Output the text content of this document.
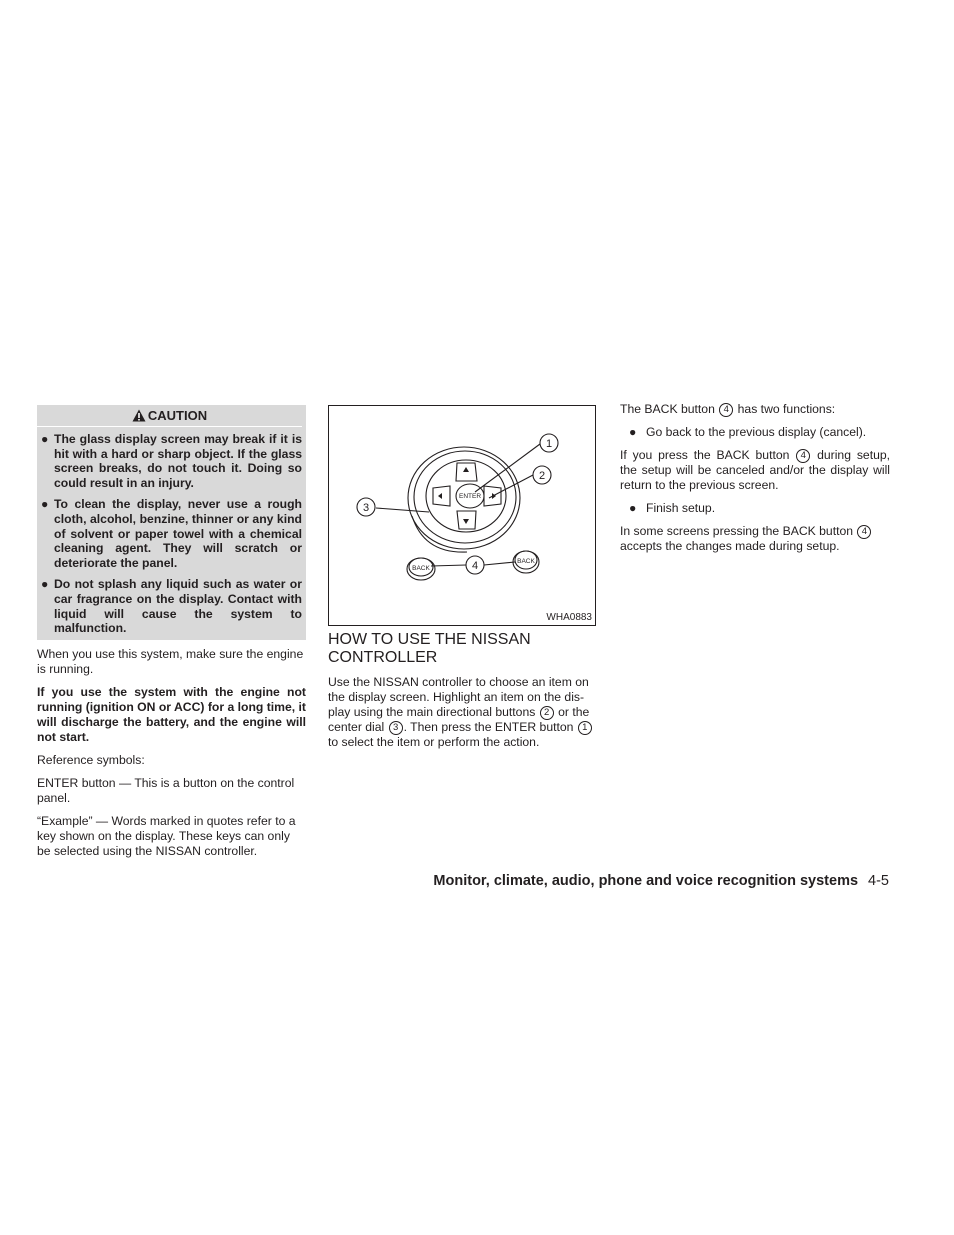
CAUTION
● The glass display screen may break if it is hit with a hard or sharp object. If the glass screen breaks, do not touch it. Doing so could result in an injury.
● To clean the display, never use a rough cloth, alcohol, benzine, thinner or any kind of solvent or paper towel with a chemical cleaning agent. They will scratch or deteriorate the panel.
● Do not splash any liquid such as water or car fragrance on the display. Contact with liquid will cause the system to malfunction.

When you use this system, make sure the engine is running.

If you use the system with the engine not running (ignition ON or ACC) for a long time, it will discharge the battery, and the engine will not start.

Reference symbols:

ENTER button — This is a button on the control panel.

“Example” — Words marked in quotes refer to a key shown on the display. These keys can only be selected using the NISSAN controller.

ENTER
BACK
BACK
1
2
3
4
WHA0883
HOW TO USE THE NISSAN CONTROLLER

Use the NISSAN controller to choose an item on the display screen. Highlight an item on the dis-play using the main directional buttons 2 or the center dial 3 . Then press the ENTER button 1 to select the item or perform the action.

The BACK button 4 has two functions:

● Go back to the previous display (cancel).

If you press the BACK button 4 during setup, the setup will be canceled and/or the display will return to the previous screen.

● Finish setup.

In some screens pressing the BACK button 4 accepts the changes made during setup.

Monitor, climate, audio, phone and voice recognition systems 4-5
